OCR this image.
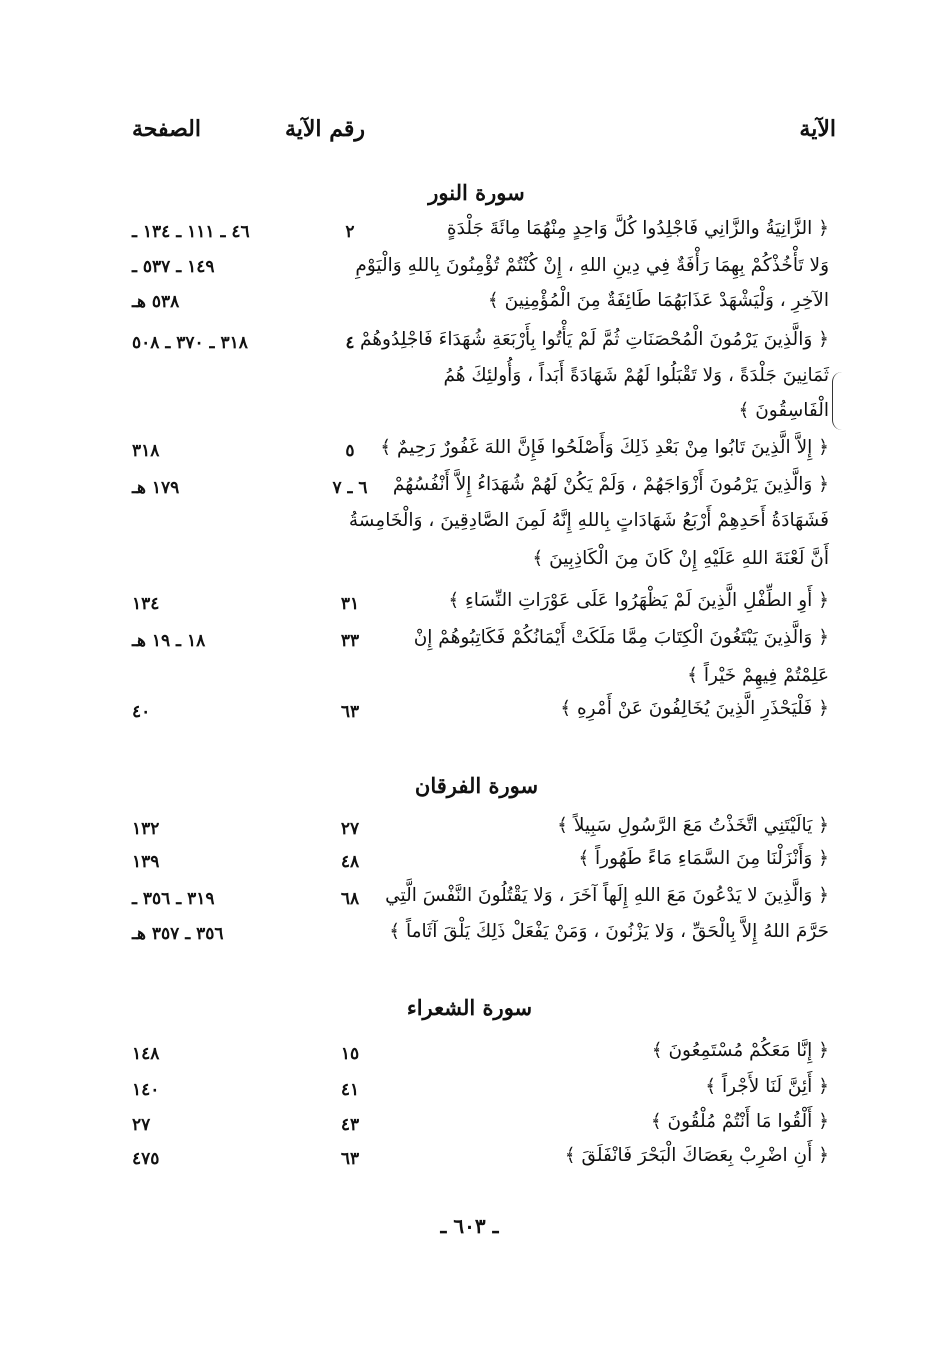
الآية
رقم الآية
الصفحة
سورة النور
﴿ الزَّانِيَةُ والزَّانِي فَاجْلِدُوا كُلَّ وَاحِدٍ مِنْهُمَا مِائَةَ جَلْدَةٍ
وَلا تَأْخُذْكُمْ بِهِمَا رَأْفَةٌ فِي دِينِ اللهِ ، إِنْ كُنْتُمْ تُؤْمِنُونَ بِاللهِ وَالْيَوْمِ
الآخِرِ ، وَلْيَشْهَدْ عَذَابَهُمَا طَائِفَةٌ مِنَ الْمُؤْمِنِينَ ﴾
٢
٤٦ ـ ١١١ ـ ١٣٤ ـ
١٤٩ ـ ٥٣٧ ـ
٥٣٨ هـ
﴿ وَالَّذِينَ يَرْمُونَ الْمُحْصَنَاتِ ثُمَّ لَمْ يَأْتُوا بِأَرْبَعَةِ شُهَدَاءَ فَاجْلِدُوهُمْ
ثَمَانِينَ جَلْدَةً ، وَلا تَقْبَلُوا لَهُمْ شَهَادَةً أَبَداً ، وَأُولئِكَ هُمُ
الْفَاسِقُونَ ﴾
٤
٣١٨ ـ ٣٧٠ ـ ٥٠٨
﴿ إِلاَّ الَّذِينَ تَابُوا مِنْ بَعْدِ ذَلِكَ وَأَصْلَحُوا فَإِنَّ اللهَ غَفُورٌ رَحِيمٌ ﴾
٥
٣١٨
﴿ وَالَّذِينَ يَرْمُونَ أَزْوَاجَهُمْ ، وَلَمْ يَكُنْ لَهُمْ شُهَدَاءُ إِلاَّ أَنْفُسُهُمْ
فَشَهَادَةُ أَحَدِهِمْ أَرْبَعُ شَهَادَاتٍ بِاللهِ إِنَّهُ لَمِنَ الصَّادِقِينَ ، وَالْخَامِسَةُ
أَنَّ لَعْنَةَ اللهِ عَلَيْهِ إِنْ كَانَ مِنَ الْكَاذِبِينَ ﴾
٦ ـ ٧
١٧٩ هـ
﴿ أَوِ الطِّفْلِ الَّذِينَ لَمْ يَظْهَرُوا عَلَى عَوْرَاتِ النِّسَاءِ ﴾
٣١
١٣٤
﴿ وَالَّذِينَ يَبْتَغُونَ الْكِتَابَ مِمَّا مَلَكَتْ أَيْمَانُكُمْ فَكَاتِبُوهُمْ إِنْ
عَلِمْتُمْ فِيهِمْ خَيْراً ﴾
٣٣
١٨ ـ ١٩ هـ
﴿ فَلْيَحْذَرِ الَّذِينَ يُخَالِفُونَ عَنْ أَمْرِهِ ﴾
٦٣
٤٠
سورة الفرقان
﴿ يَالَيْتَنِي اتَّخَذْتُ مَعَ الرَّسُولِ سَبِيلاً ﴾
٢٧
١٣٢
﴿ وَأَنْزَلْنَا مِنَ السَّمَاءِ مَاءً طَهُوراً ﴾
٤٨
١٣٩
﴿ وَالَّذِينَ لا يَدْعُونَ مَعَ اللهِ إِلَهاً آخَرَ ، وَلا يَقْتُلُونَ النَّفْسَ الَّتِي
حَرَّمَ اللهُ إِلاَّ بِالْحَقِّ ، وَلا يَزْنُونَ ، وَمَنْ يَفْعَلْ ذَلِكَ يَلْقَ آثَاماً ﴾
٦٨
٣١٩ ـ ٣٥٦ ـ
٣٥٦ ـ ٣٥٧ هـ
سورة الشعراء
﴿ إِنَّا مَعَكُمْ مُسْتَمِعُونَ ﴾
١٥
١٤٨
﴿ أَئِنَّ لَنَا لأَجْراً ﴾
٤١
١٤٠
﴿ أَلْقُوا مَا أَنْتُمْ مُلْقُونَ ﴾
٤٣
٢٧
﴿ أَنِ اضْرِبْ بِعَصَاكَ الْبَحْرَ فَانْفَلَقَ ﴾
٦٣
٤٧٥
ـ ٦٠٣ ـ
